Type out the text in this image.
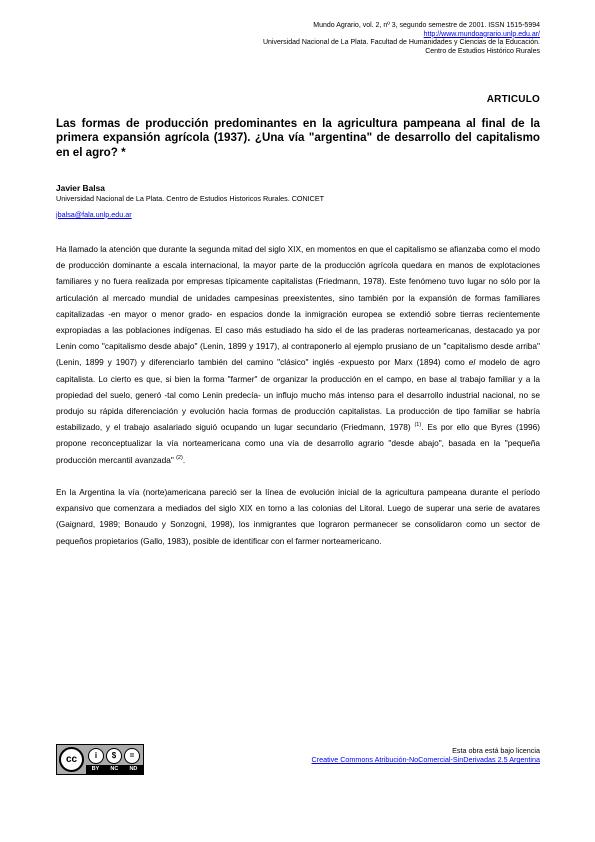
Mundo Agrario, vol. 2, nº 3, segundo semestre de 2001. ISSN 1515-5994
http://www.mundoagrario.unlp.edu.ar/
Universidad Nacional de La Plata. Facultad de Humanidades y Ciencias de la Educación.
Centro de Estudios Histórico Rurales
ARTICULO
Las formas de producción predominantes en la agricultura pampeana al final de la primera expansión agrícola (1937). ¿Una vía "argentina" de desarrollo del capitalismo en el agro? *
Javier Balsa
Universidad Nacional de La Plata. Centro de Estudios Historicos Rurales. CONICET
jbalsa@fala.unlp.edu.ar

Ha llamado la atención que durante la segunda mitad del siglo XIX, en momentos en que el capitalismo se afianzaba como el modo de producción dominante a escala internacional, la mayor parte de la producción agrícola quedara en manos de explotaciones familiares y no fuera realizada por empresas típicamente capitalistas (Friedmann, 1978). Este fenómeno tuvo lugar no sólo por la articulación al mercado mundial de unidades campesinas preexistentes, sino también por la expansión de formas familiares capitalizadas -en mayor o menor grado- en espacios donde la inmigración europea se extendió sobre tierras recientemente expropiadas a las poblaciones indígenas. El caso más estudiado ha sido el de las praderas norteamericanas, destacado ya por Lenin como "capitalismo desde abajo" (Lenin, 1899 y 1917), al contraponerlo al ejemplo prusiano de un "capitalismo desde arriba" (Lenin, 1899 y 1907) y diferenciarlo también del camino "clásico" inglés -expuesto por Marx (1894) como el modelo de agro capitalista. Lo cierto es que, si bien la forma "farmer" de organizar la producción en el campo, en base al trabajo familiar y a la propiedad del suelo, generó -tal como Lenin predecía- un influjo mucho más intenso para el desarrollo industrial nacional, no se produjo su rápida diferenciación y evolución hacia formas de producción capitalistas. La producción de tipo familiar se habría estabilizado, y el trabajo asalariado siguió ocupando un lugar secundario (Friedmann, 1978) $^{(1)}$. Es por ello que Byres (1996) propone reconceptualizar la vía norteamericana como una vía de desarrollo agrario "desde abajo", basada en la "pequeña producción mercantil avanzada" $^{(2)}$.

En la Argentina la vía (norte)americana pareció ser la línea de evolución inicial de la agricultura pampeana durante el período expansivo que comenzara a mediados del siglo XIX en torno a las colonias del Litoral. Luego de superar una serie de avatares (Gaignard, 1989; Bonaudo y Sonzogni, 1998), los inmigrantes que lograron permanecer se consolidaron como un sector de pequeños propietarios (Gallo, 1983), posible de identificar con el farmer norteamericano.

cc	i	$	=
BY NC ND
Esta obra está bajo licencia
Creative Commons Atribución-NoComercial-SinDerivadas 2.5 Argentina
